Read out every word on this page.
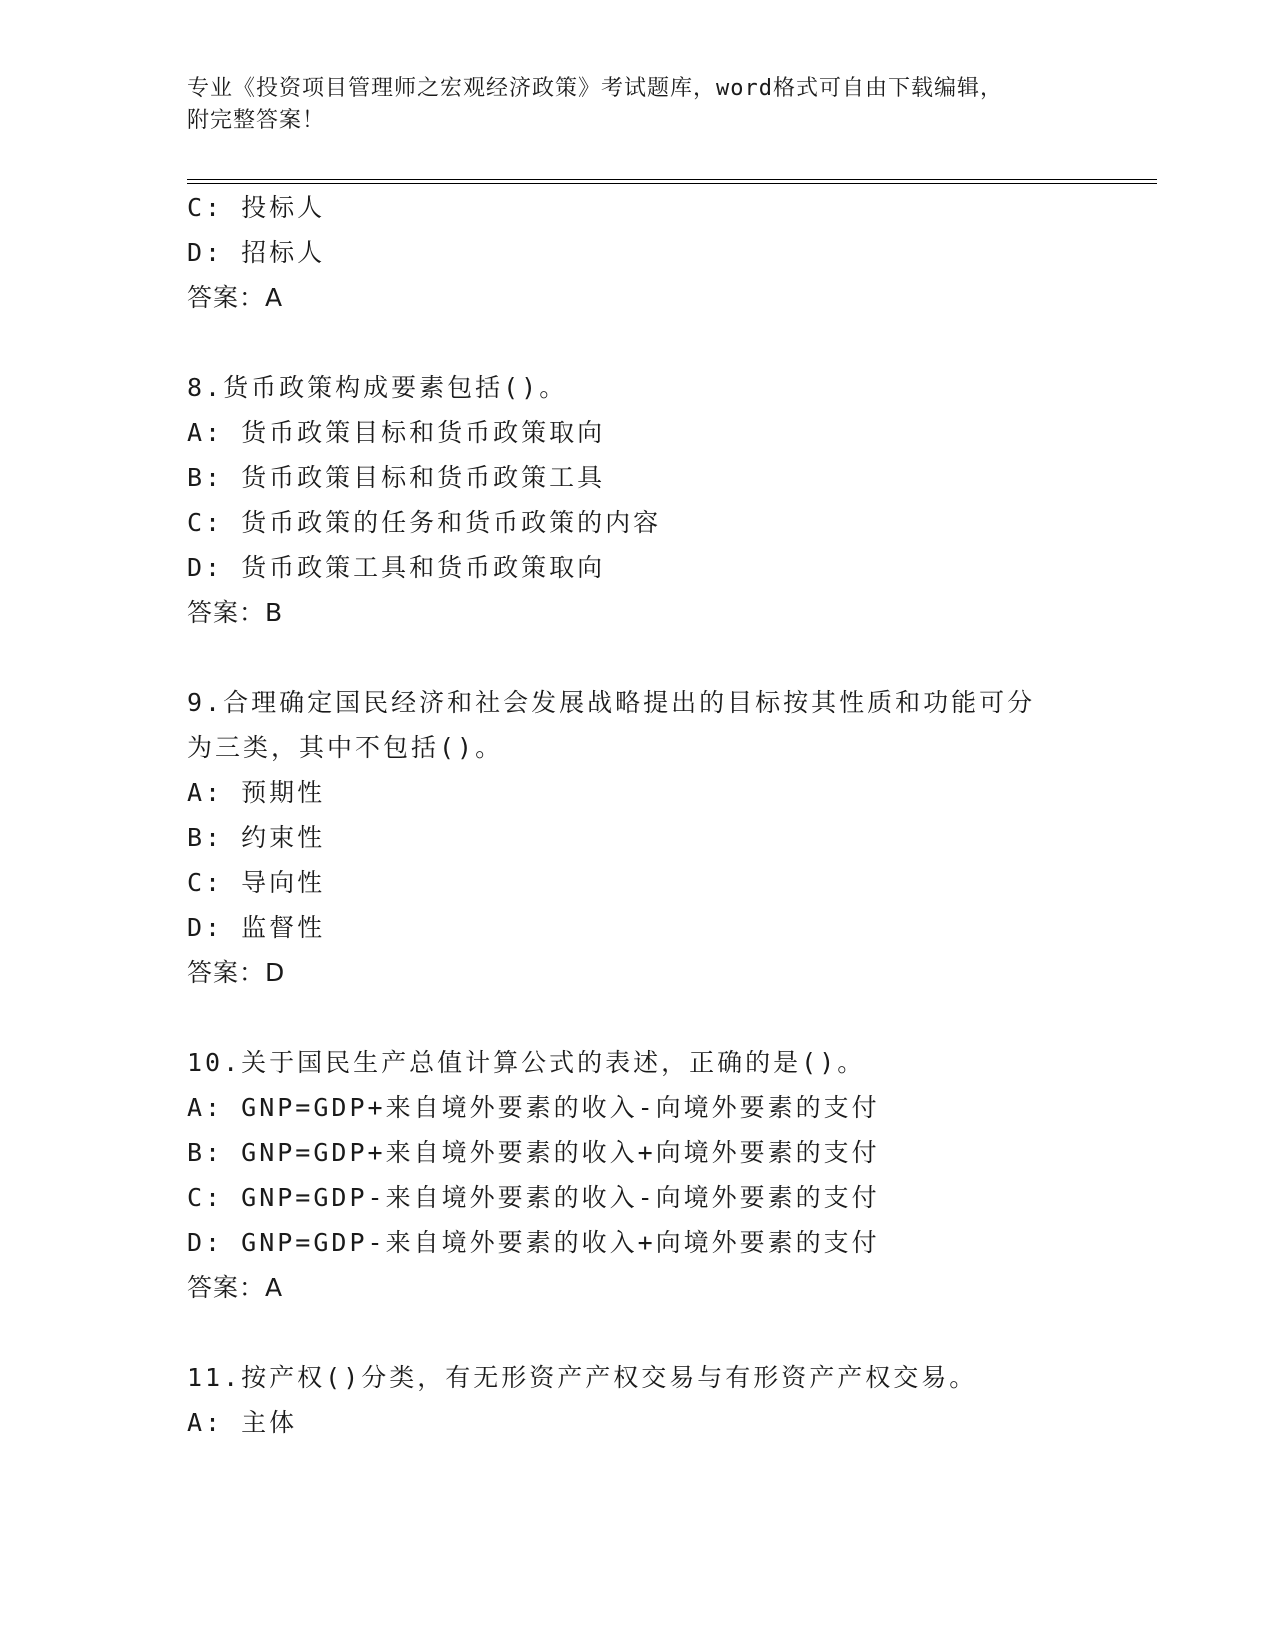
专业《投资项目管理师之宏观经济政策》考试题库，word格式可自由下载编辑，
附完整答案！
C: 投标人
D: 招标人
答案：A
8.货币政策构成要素包括()。
A: 货币政策目标和货币政策取向
B: 货币政策目标和货币政策工具
C: 货币政策的任务和货币政策的内容
D: 货币政策工具和货币政策取向
答案：B
9.合理确定国民经济和社会发展战略提出的目标按其性质和功能可分
为三类，其中不包括()。
A: 预期性
B: 约束性
C: 导向性
D: 监督性
答案：D
10.关于国民生产总值计算公式的表述，正确的是()。
A: GNP=GDP+来自境外要素的收入-向境外要素的支付
B: GNP=GDP+来自境外要素的收入+向境外要素的支付
C: GNP=GDP-来自境外要素的收入-向境外要素的支付
D: GNP=GDP-来自境外要素的收入+向境外要素的支付
答案：A
11.按产权()分类，有无形资产产权交易与有形资产产权交易。
A: 主体
